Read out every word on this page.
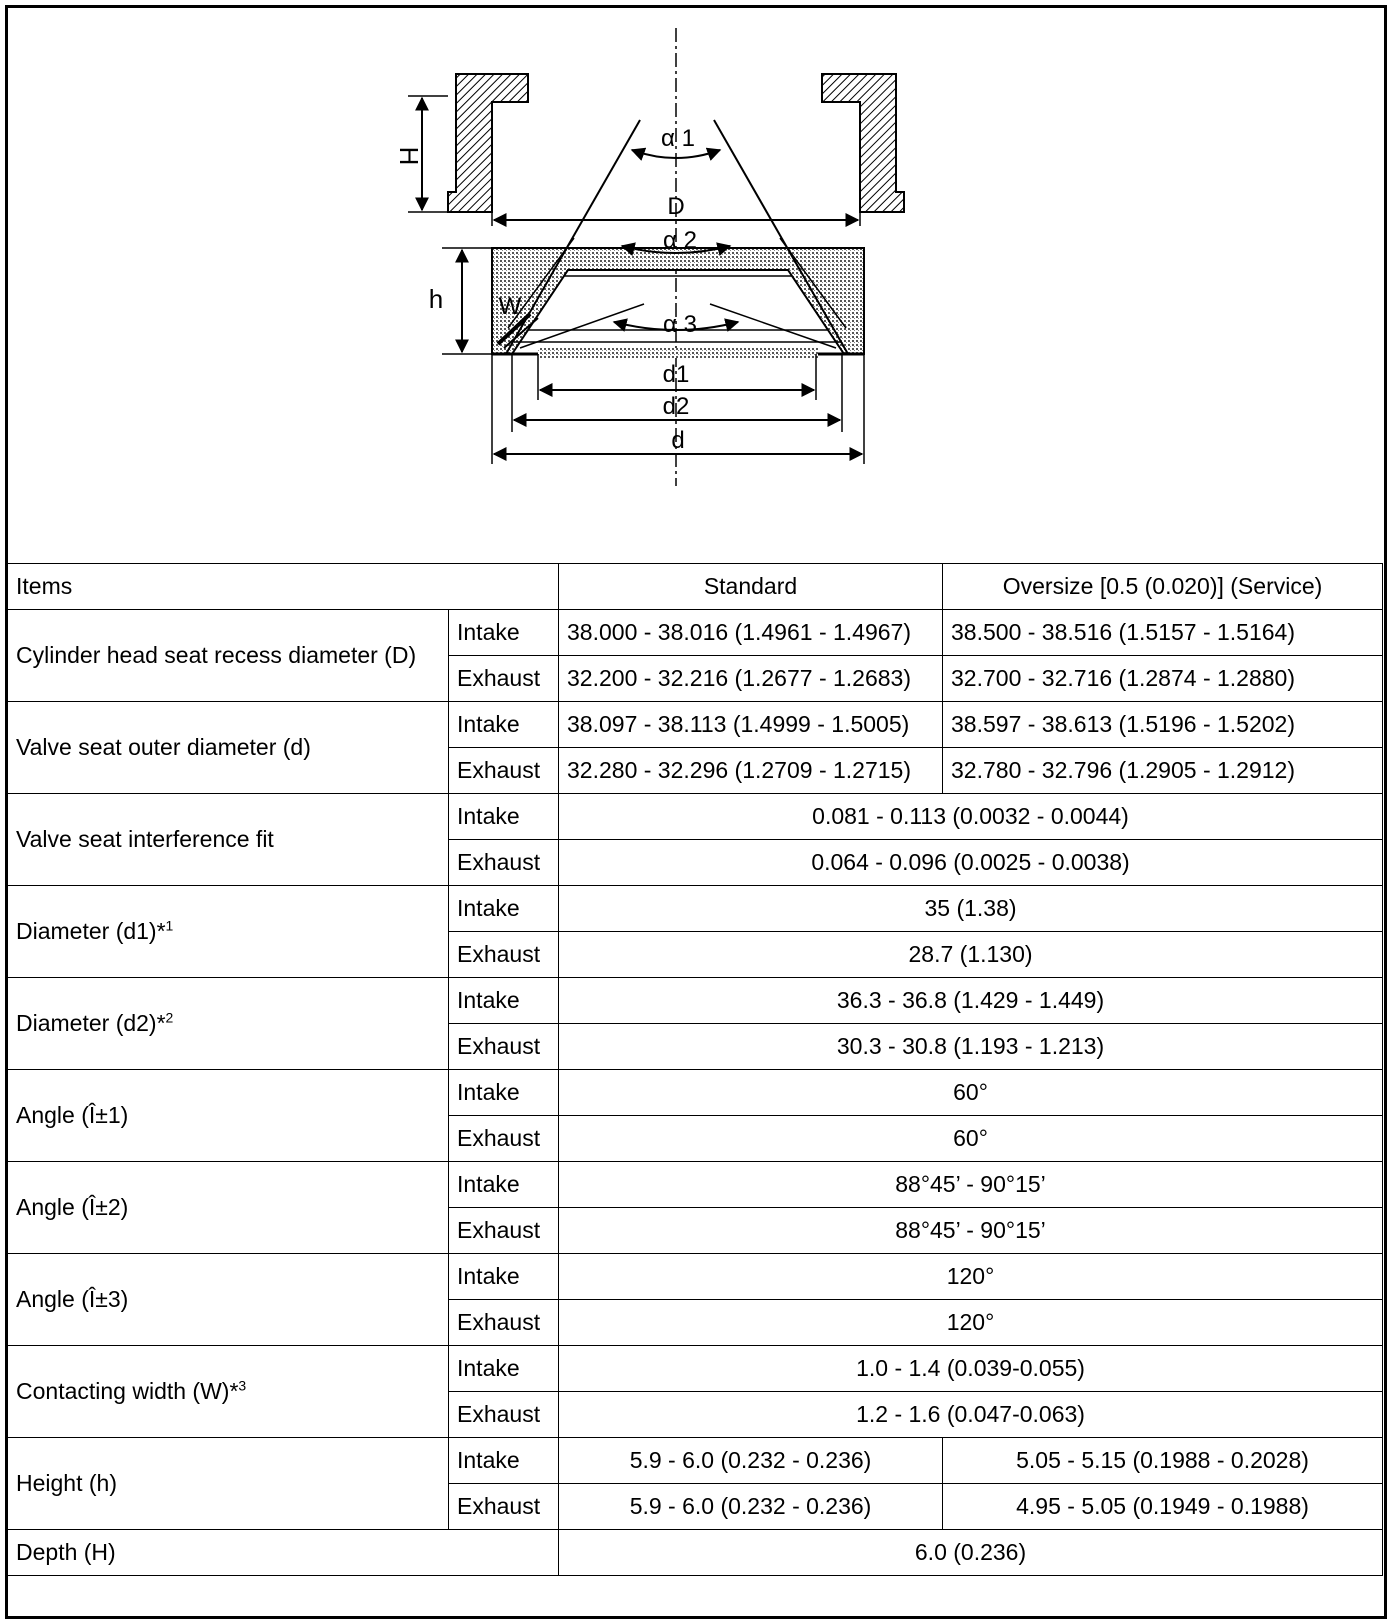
H
D
h W
α 1
α 2
α 3
d1
d2
d
Items		Standard	Oversize [0.5 (0.020)] (Service)
Cylinder head seat recess diameter (D)	Intake	38.000 - 38.016 (1.4961 - 1.4967)	38.500 - 38.516 (1.5157 - 1.5164)
	Exhaust	32.200 - 32.216 (1.2677 - 1.2683)	32.700 - 32.716 (1.2874 - 1.2880)
Valve seat outer diameter (d)	Intake	38.097 - 38.113 (1.4999 - 1.5005)	38.597 - 38.613 (1.5196 - 1.5202)
	Exhaust	32.280 - 32.296 (1.2709 - 1.2715)	32.780 - 32.796 (1.2905 - 1.2912)
Valve seat interference fit	Intake	0.081 - 0.113 (0.0032 - 0.0044)	
	Exhaust	0.064 - 0.096 (0.0025 - 0.0038)	
Diameter (d1)*$^1$	Intake	35 (1.38)	
	Exhaust	28.7 (1.130)	
Diameter (d2)*$^2$	Intake	36.3 - 36.8 (1.429 - 1.449)	
	Exhaust	30.3 - 30.8 (1.193 - 1.213)	
Angle (Î±1)	Intake	60°	
	Exhaust	60°	
Angle (Î±2)	Intake	88°45’ - 90°15’	
	Exhaust	88°45’ - 90°15’	
Angle (Î±3)	Intake	120°	
	Exhaust	120°	
Contacting width (W)*$^3$	Intake	1.0 - 1.4 (0.039-0.055)	
	Exhaust	1.2 - 1.6 (0.047-0.063)	
Height (h)	Intake	5.9 - 6.0 (0.232 - 0.236)	5.05 - 5.15 (0.1988 - 0.2028)
	Exhaust	5.9 - 6.0 (0.232 - 0.236)	4.95 - 5.05 (0.1949 - 0.1988)
Depth (H)		6.0 (0.236)	
